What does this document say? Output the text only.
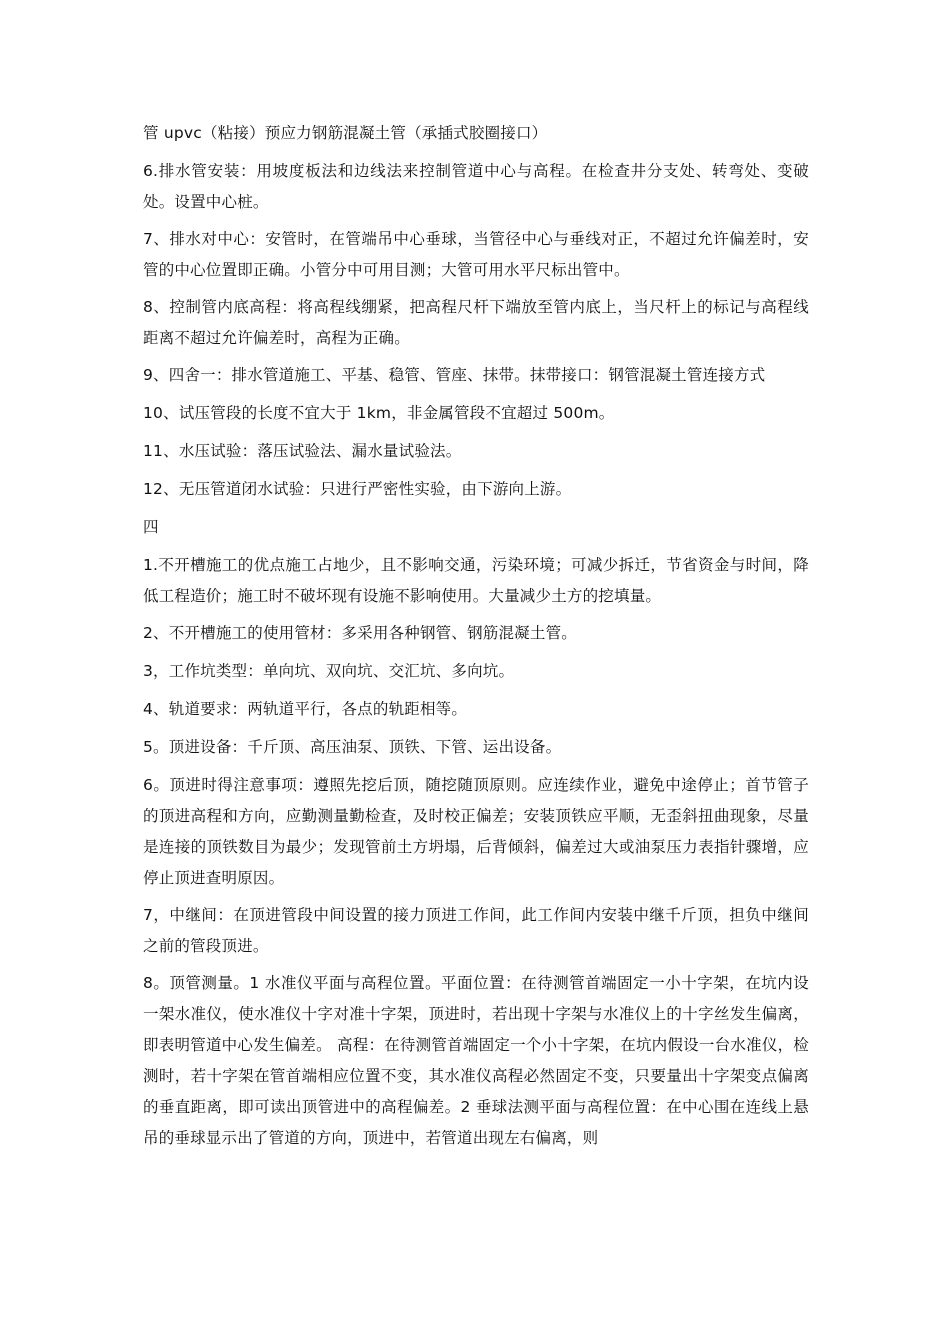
管 upvc（粘接）预应力钢筋混凝土管（承插式胶圈接口）

6.排水管安装：用坡度板法和边线法来控制管道中心与高程。在检查井分支处、转弯处、变破处。设置中心桩。

7、排水对中心：安管时，在管端吊中心垂球，当管径中心与垂线对正，不超过允许偏差时，安管的中心位置即正确。小管分中可用目测；大管可用水平尺标出管中。

8、控制管内底高程：将高程线绷紧，把高程尺杆下端放至管内底上，当尺杆上的标记与高程线距离不超过允许偏差时，高程为正确。

9、四舍一：排水管道施工、平基、稳管、管座、抹带。抹带接口：钢管混凝土管连接方式

10、试压管段的长度不宜大于 1km，非金属管段不宜超过 500m。

11、水压试验：落压试验法、漏水量试验法。

12、无压管道闭水试验：只进行严密性实验，由下游向上游。

四

1.不开槽施工的优点施工占地少，且不影响交通，污染环境；可减少拆迁，节省资金与时间，降低工程造价；施工时不破坏现有设施不影响使用。大量减少土方的挖填量。

2、不开槽施工的使用管材：多采用各种钢管、钢筋混凝土管。

3，工作坑类型：单向坑、双向坑、交汇坑、多向坑。

4、轨道要求：两轨道平行，各点的轨距相等。

5。顶进设备：千斤顶、高压油泵、顶铁、下管、运出设备。

6。顶进时得注意事项：遵照先挖后顶，随挖随顶原则。应连续作业，避免中途停止；首节管子的顶进高程和方向，应勤测量勤检查，及时校正偏差；安装顶铁应平顺，无歪斜扭曲现象，尽量是连接的顶铁数目为最少；发现管前土方坍塌，后背倾斜，偏差过大或油泵压力表指针骤增，应停止顶进查明原因。

7，中继间：在顶进管段中间设置的接力顶进工作间，此工作间内安装中继千斤顶，担负中继间之前的管段顶进。

8。顶管测量。1 水准仪平面与高程位置。平面位置：在待测管首端固定一小十字架，在坑内设一架水准仪，使水准仪十字对准十字架，顶进时，若出现十字架与水准仪上的十字丝发生偏离，即表明管道中心发生偏差。 高程：在待测管首端固定一个小十字架，在坑内假设一台水准仪，检测时，若十字架在管首端相应位置不变，其水准仪高程必然固定不变，只要量出十字架变点偏离的垂直距离，即可读出顶管进中的高程偏差。2 垂球法测平面与高程位置：在中心围在连线上悬吊的垂球显示出了管道的方向，顶进中，若管道出现左右偏离，则
